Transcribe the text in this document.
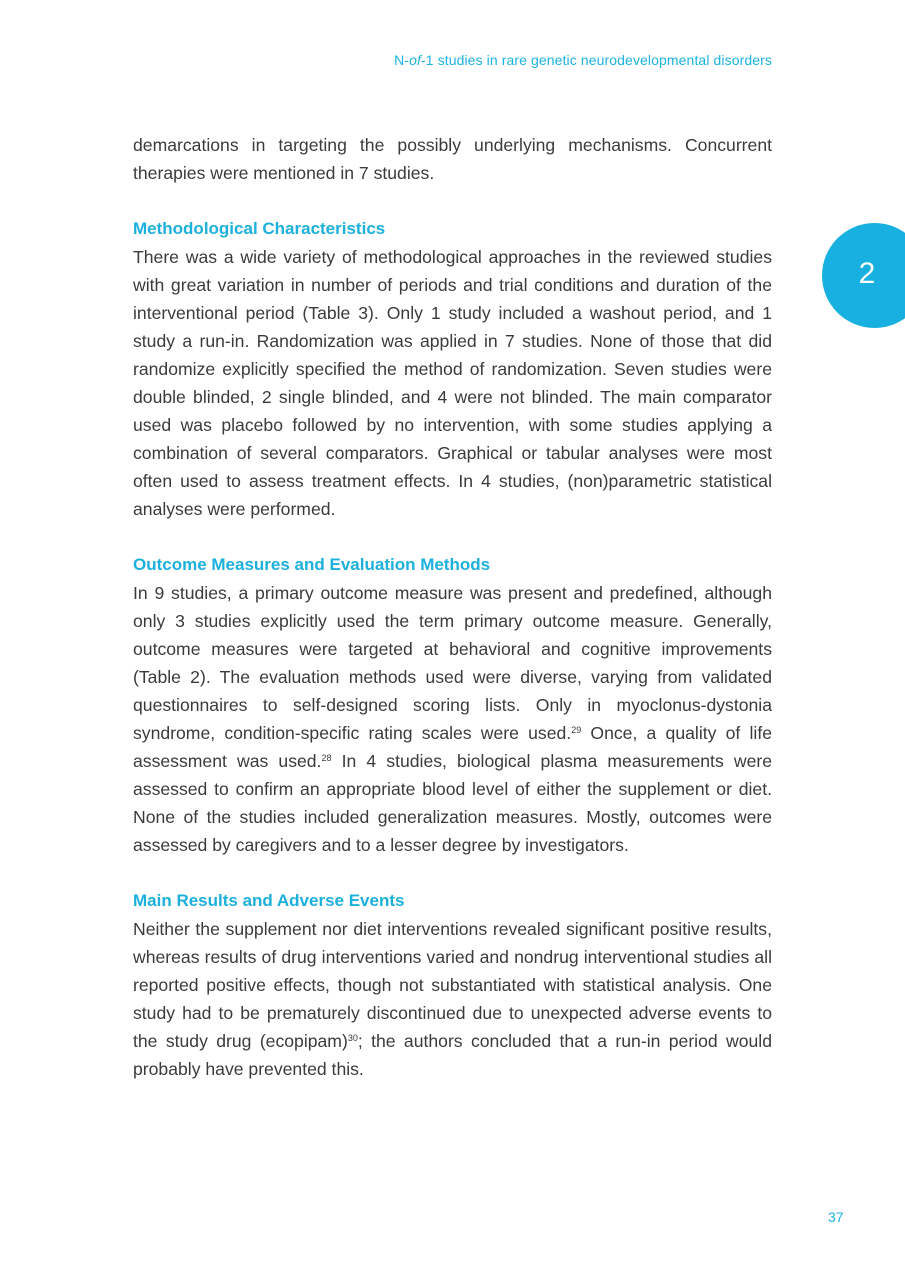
N-of-1 studies in rare genetic neurodevelopmental disorders
2

demarcations in targeting the possibly underlying mechanisms. Concurrent therapies were mentioned in 7 studies.

Methodological Characteristics

There was a wide variety of methodological approaches in the reviewed studies with great variation in number of periods and trial conditions and duration of the interventional period (Table 3). Only 1 study included a washout period, and 1 study a run-in. Randomization was applied in 7 studies. None of those that did randomize explicitly specified the method of randomization. Seven studies were double blinded, 2 single blinded, and 4 were not blinded. The main comparator used was placebo followed by no intervention, with some studies applying a combination of several comparators. Graphical or tabular analyses were most often used to assess treatment effects. In 4 studies, (non)parametric statistical analyses were performed.

Outcome Measures and Evaluation Methods

In 9 studies, a primary outcome measure was present and predefined, although only 3 studies explicitly used the term primary outcome measure. Generally, outcome measures were targeted at behavioral and cognitive improvements (Table 2). The evaluation methods used were diverse, varying from validated questionnaires to self-designed scoring lists. Only in myoclonus-dystonia syndrome, condition-specific rating scales were used.$^{29}$ Once, a quality of life assessment was used.$^{28}$ In 4 studies, biological plasma measurements were assessed to confirm an appropriate blood level of either the supplement or diet. None of the studies included generalization measures. Mostly, outcomes were assessed by caregivers and to a lesser degree by investigators.

Main Results and Adverse Events

Neither the supplement nor diet interventions revealed significant positive results, whereas results of drug interventions varied and nondrug interventional studies all reported positive effects, though not substantiated with statistical analysis. One study had to be prematurely discontinued due to unexpected adverse events to the study drug (ecopipam)$^{30}$; the authors concluded that a run-in period would probably have prevented this.

37
